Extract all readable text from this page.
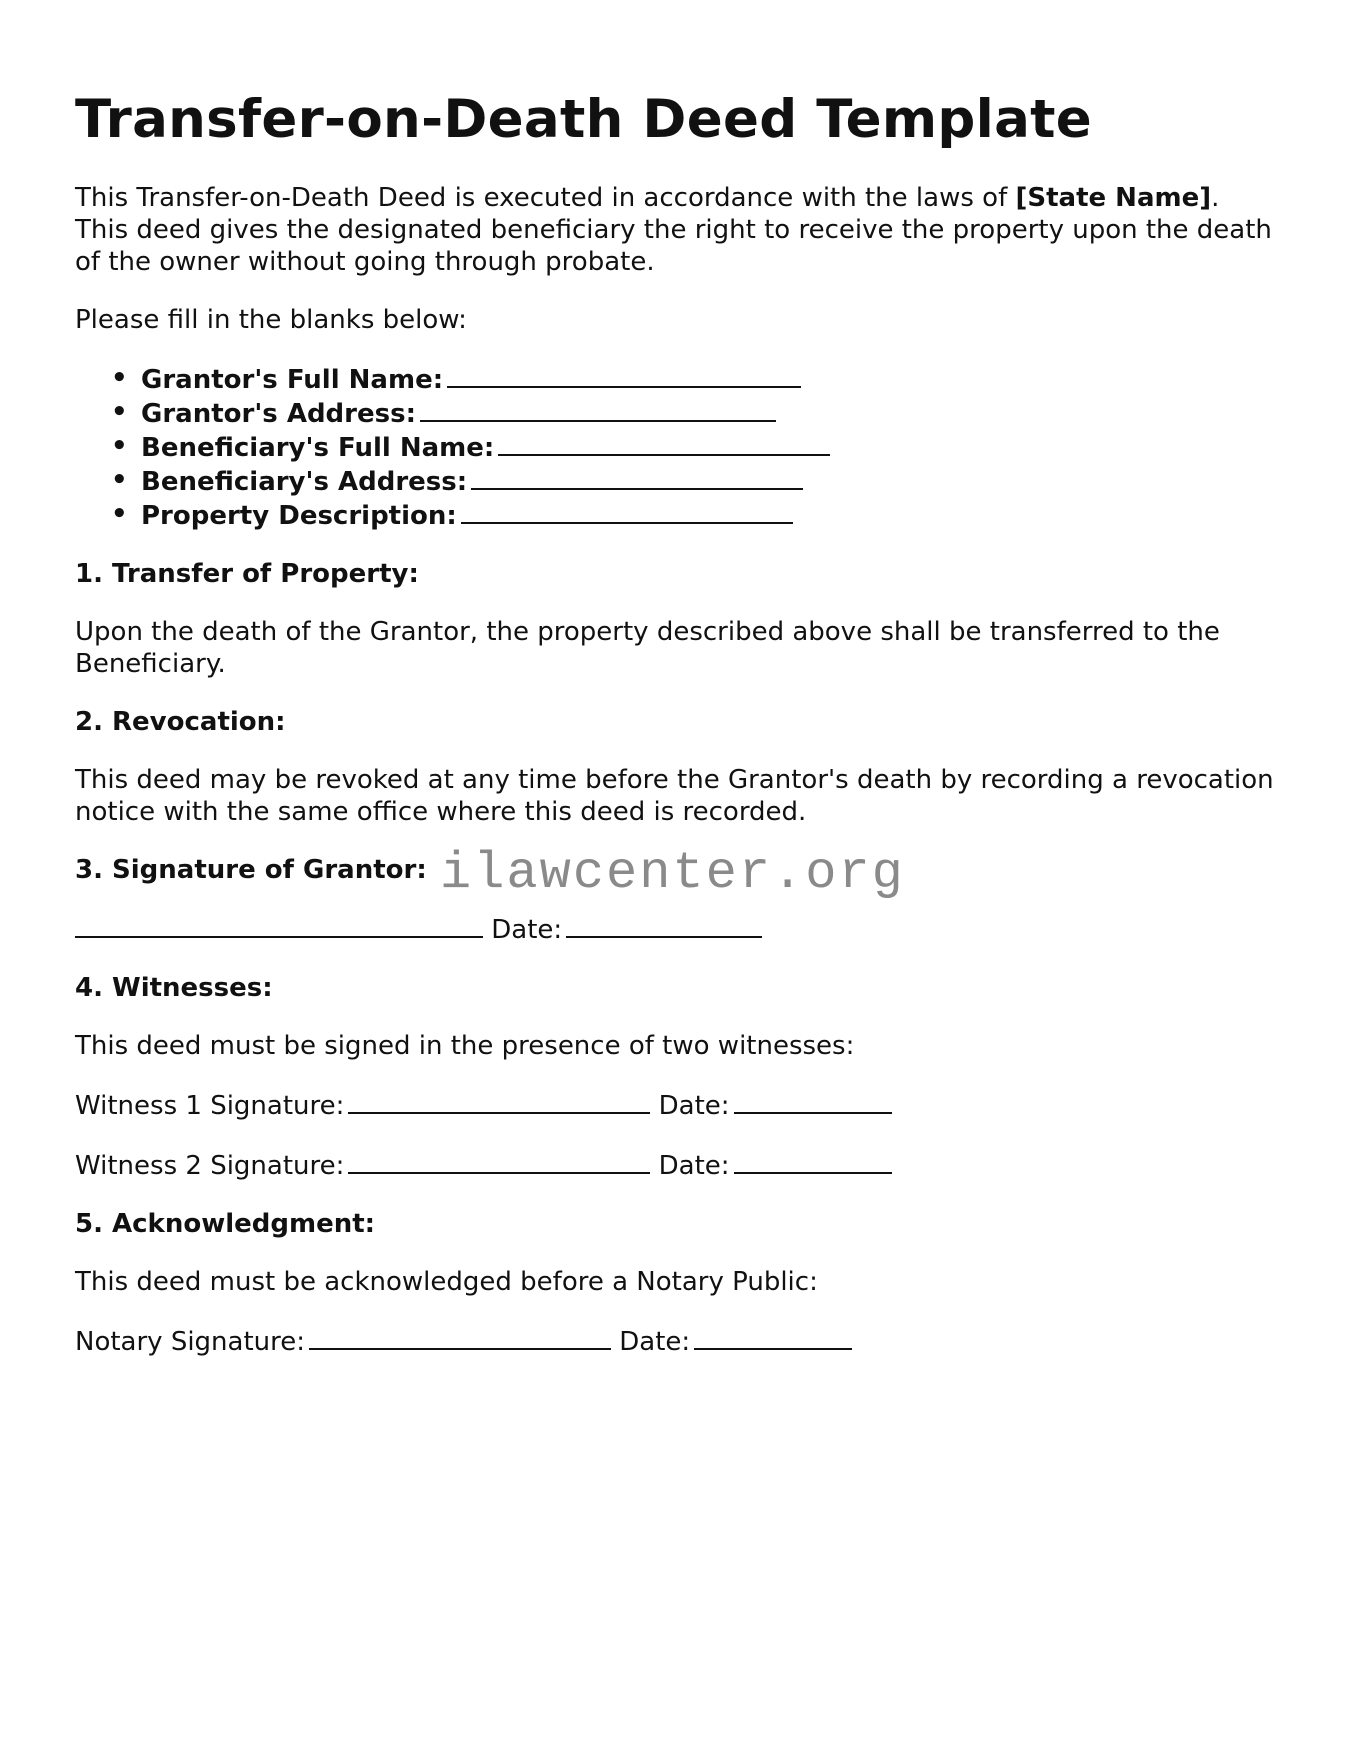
Transfer-on-Death Deed Template

This Transfer-on-Death Deed is executed in accordance with the laws of [State Name]. This deed gives the designated beneficiary the right to receive the property upon the death of the owner without going through probate.

Please fill in the blanks below:

• Grantor's Full Name:
• Grantor's Address:
• Beneficiary's Full Name:
• Beneficiary's Address:
• Property Description:
1. Transfer of Property:

Upon the death of the Grantor, the property described above shall be transferred to the Beneficiary.

2. Revocation:

This deed may be revoked at any time before the Grantor's death by recording a revocation notice with the same office where this deed is recorded.

3. Signature of Grantor: ilawcenter.org

Date:

4. Witnesses:

This deed must be signed in the presence of two witnesses:

Witness 1 Signature:	Date:

Witness 2 Signature:	Date:

5. Acknowledgment:

This deed must be acknowledged before a Notary Public:

Notary Signature:	Date:
